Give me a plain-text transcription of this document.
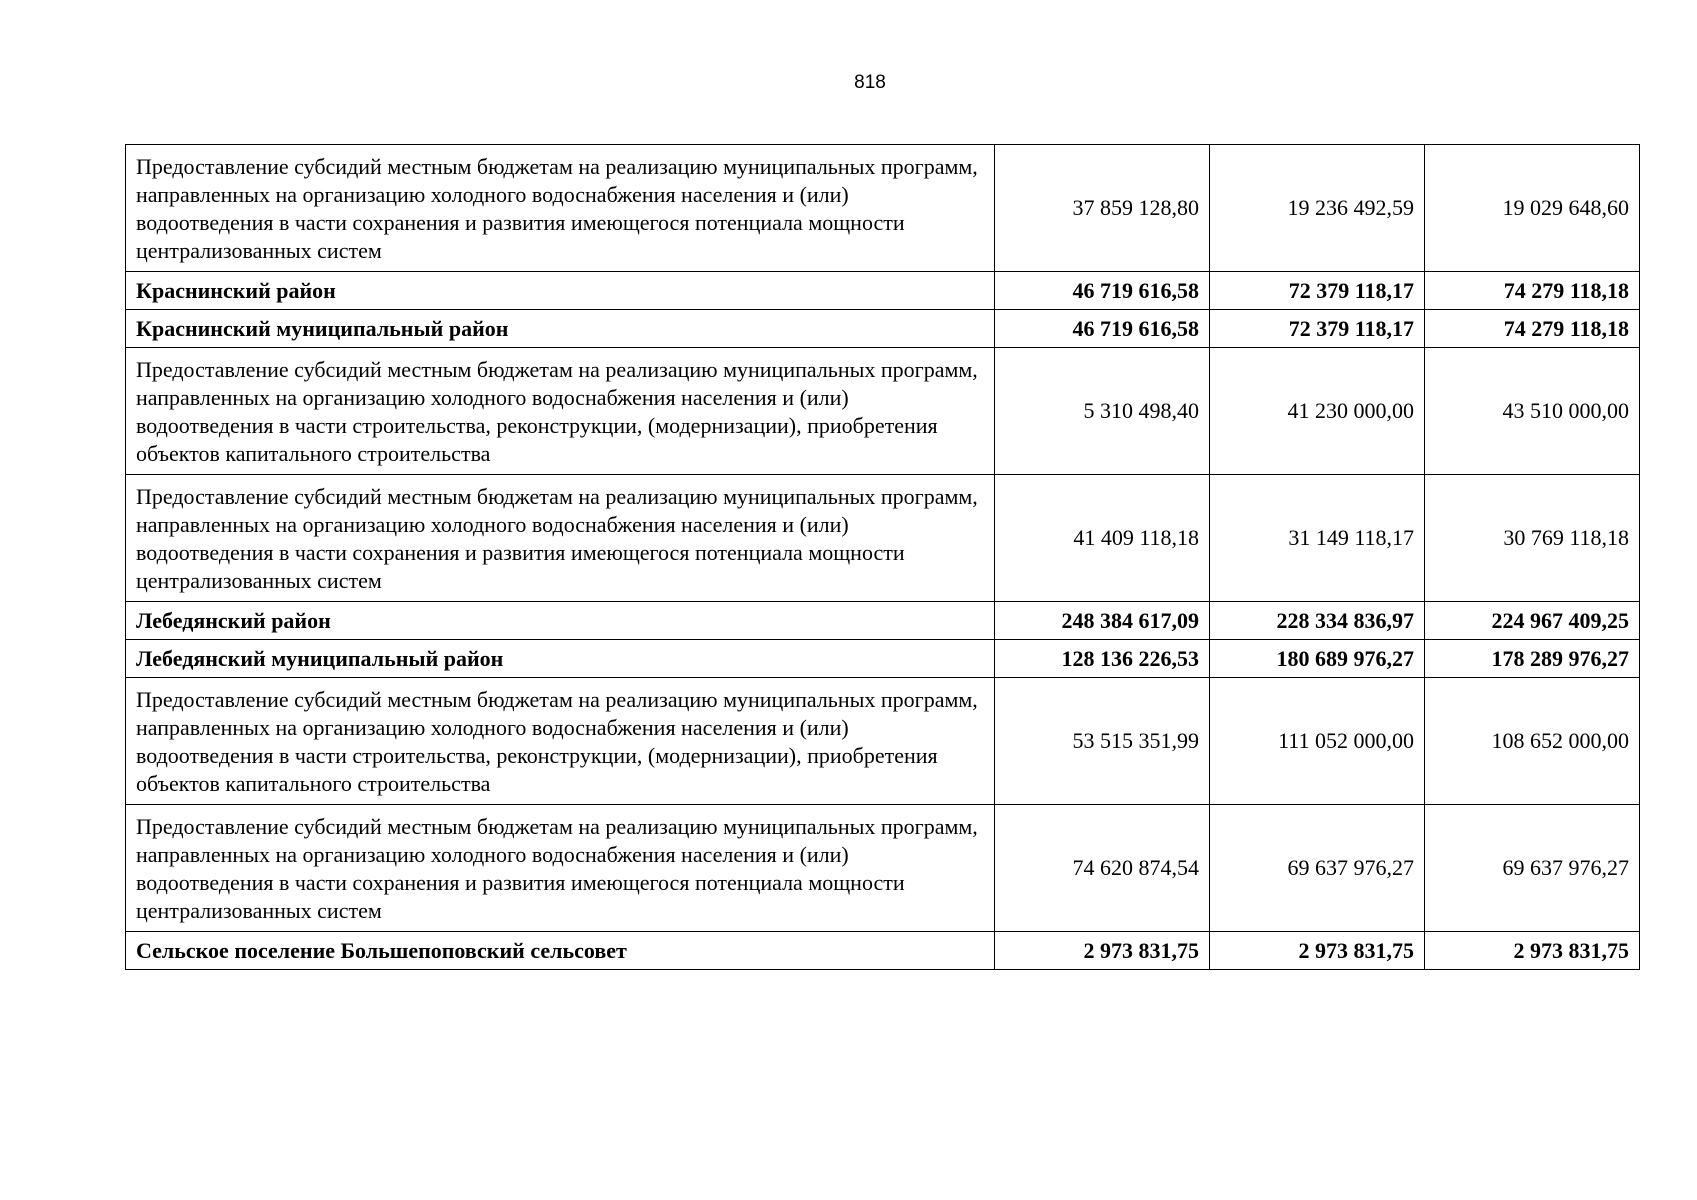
818
Предоставление субсидий местным бюджетам на реализацию муниципальных программ, направленных на организацию холодного водоснабжения населения и (или) водоотведения в части сохранения и развития имеющегося потенциала мощности централизованных систем	37 859 128,80	19 236 492,59	19 029 648,60
Краснинский район	46 719 616,58	72 379 118,17	74 279 118,18
Краснинский муниципальный район	46 719 616,58	72 379 118,17	74 279 118,18
Предоставление субсидий местным бюджетам на реализацию муниципальных программ, направленных на организацию холодного водоснабжения населения и (или) водоотведения в части строительства, реконструкции, (модернизации), приобретения объектов капитального строительства	5 310 498,40	41 230 000,00	43 510 000,00
Предоставление субсидий местным бюджетам на реализацию муниципальных программ, направленных на организацию холодного водоснабжения населения и (или) водоотведения в части сохранения и развития имеющегося потенциала мощности централизованных систем	41 409 118,18	31 149 118,17	30 769 118,18
Лебедянский район	248 384 617,09	228 334 836,97	224 967 409,25
Лебедянский муниципальный район	128 136 226,53	180 689 976,27	178 289 976,27
Предоставление субсидий местным бюджетам на реализацию муниципальных программ, направленных на организацию холодного водоснабжения населения и (или) водоотведения в части строительства, реконструкции, (модернизации), приобретения объектов капитального строительства	53 515 351,99	111 052 000,00	108 652 000,00
Предоставление субсидий местным бюджетам на реализацию муниципальных программ, направленных на организацию холодного водоснабжения населения и (или) водоотведения в части сохранения и развития имеющегося потенциала мощности централизованных систем	74 620 874,54	69 637 976,27	69 637 976,27
Сельское поселение Большепоповский сельсовет	2 973 831,75	2 973 831,75	2 973 831,75
